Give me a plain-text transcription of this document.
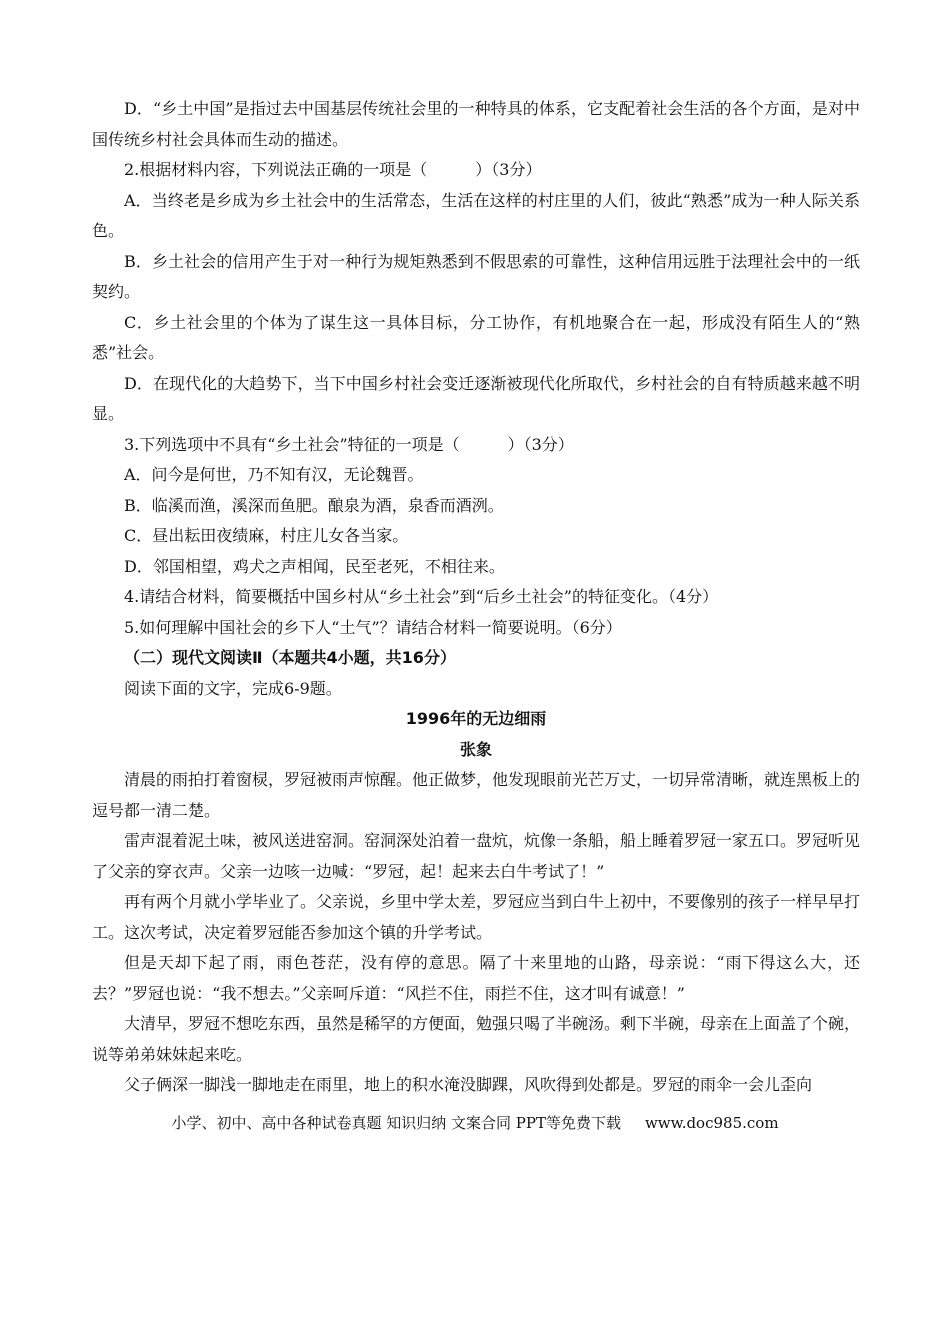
D．“乡土中国”是指过去中国基层传统社会里的一种特具的体系，它支配着社会生活的各个方面，是对中国传统乡村社会具体而生动的描述。

2.根据材料内容，下列说法正确的一项是（　　　）（3分）

A．当终老是乡成为乡土社会中的生活常态，生活在这样的村庄里的人们，彼此“熟悉”成为一种人际关系色。

B．乡土社会的信用产生于对一种行为规矩熟悉到不假思索的可靠性，这种信用远胜于法理社会中的一纸契约。

C．乡土社会里的个体为了谋生这一具体目标，分工协作，有机地聚合在一起，形成没有陌生人的“熟悉”社会。

D．在现代化的大趋势下，当下中国乡村社会变迁逐渐被现代化所取代，乡村社会的自有特质越来越不明显。

3.下列选项中不具有“乡土社会”特征的一项是（　　　）（3分）

A．问今是何世，乃不知有汉，无论魏晋。

B．临溪而渔，溪深而鱼肥。酿泉为酒，泉香而酒洌。

C．昼出耘田夜绩麻，村庄儿女各当家。

D．邻国相望，鸡犬之声相闻，民至老死，不相往来。

4.请结合材料，简要概括中国乡村从“乡土社会”到“后乡土社会”的特征变化。（4分）

5.如何理解中国社会的乡下人“土气”？请结合材料一简要说明。（6分）

（二）现代文阅读Ⅱ（本题共4小题，共16分）

阅读下面的文字，完成6-9题。

1996年的无边细雨

张象

清晨的雨拍打着窗棂，罗冠被雨声惊醒。他正做梦，他发现眼前光芒万丈，一切异常清晰，就连黑板上的逗号都一清二楚。

雷声混着泥土味，被风送进窑洞。窑洞深处泊着一盘炕，炕像一条船，船上睡着罗冠一家五口。罗冠听见了父亲的穿衣声。父亲一边咳一边喊：“罗冠，起！起来去白牛考试了！”

再有两个月就小学毕业了。父亲说，乡里中学太差，罗冠应当到白牛上初中，不要像别的孩子一样早早打工。这次考试，决定着罗冠能否参加这个镇的升学考试。

但是天却下起了雨，雨色苍茫，没有停的意思。隔了十来里地的山路，母亲说：“雨下得这么大，还去？”罗冠也说：“我不想去。”父亲呵斥道：“风拦不住，雨拦不住，这才叫有诚意！”

大清早，罗冠不想吃东西，虽然是稀罕的方便面，勉强只喝了半碗汤。剩下半碗，母亲在上面盖了个碗，说等弟弟妹妹起来吃。

父子俩深一脚浅一脚地走在雨里，地上的积水淹没脚踝，风吹得到处都是。罗冠的雨伞一会儿歪向

小学、初中、高中各种试卷真题 知识归纳 文案合同 PPT等免费下载 www.doc985.com
